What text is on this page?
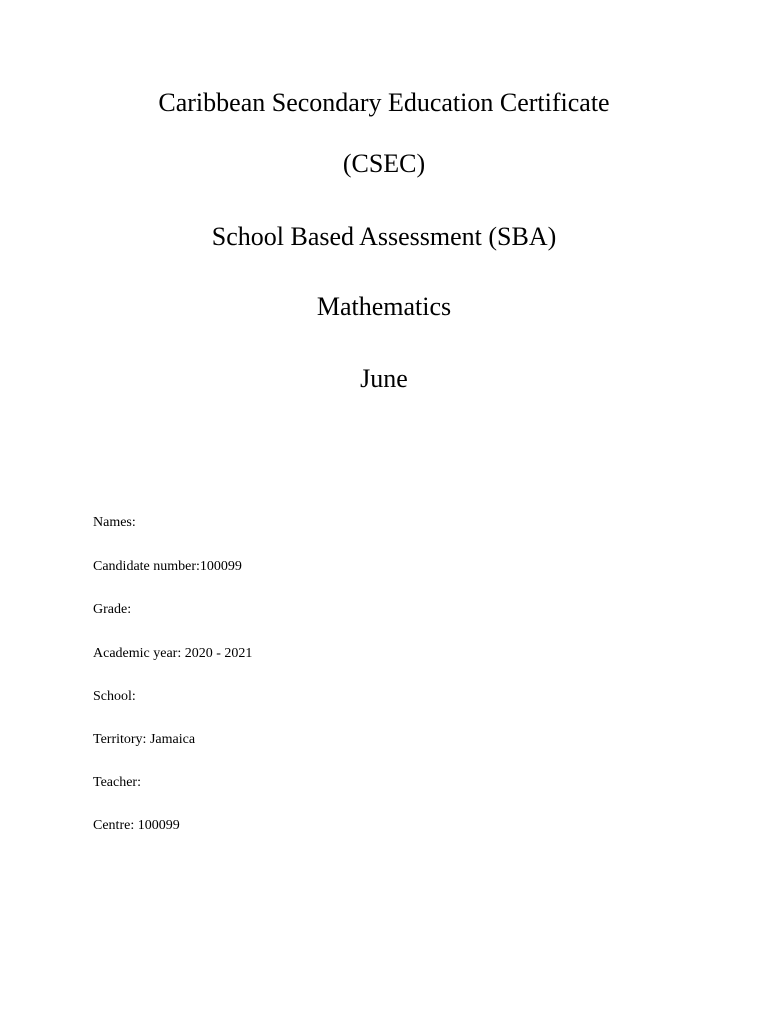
Caribbean Secondary Education Certificate
(CSEC)
School Based Assessment (SBA)
Mathematics
June
Names:
Candidate number:100099
Grade:
Academic year: 2020 - 2021
School:
Territory: Jamaica
Teacher:
Centre: 100099
